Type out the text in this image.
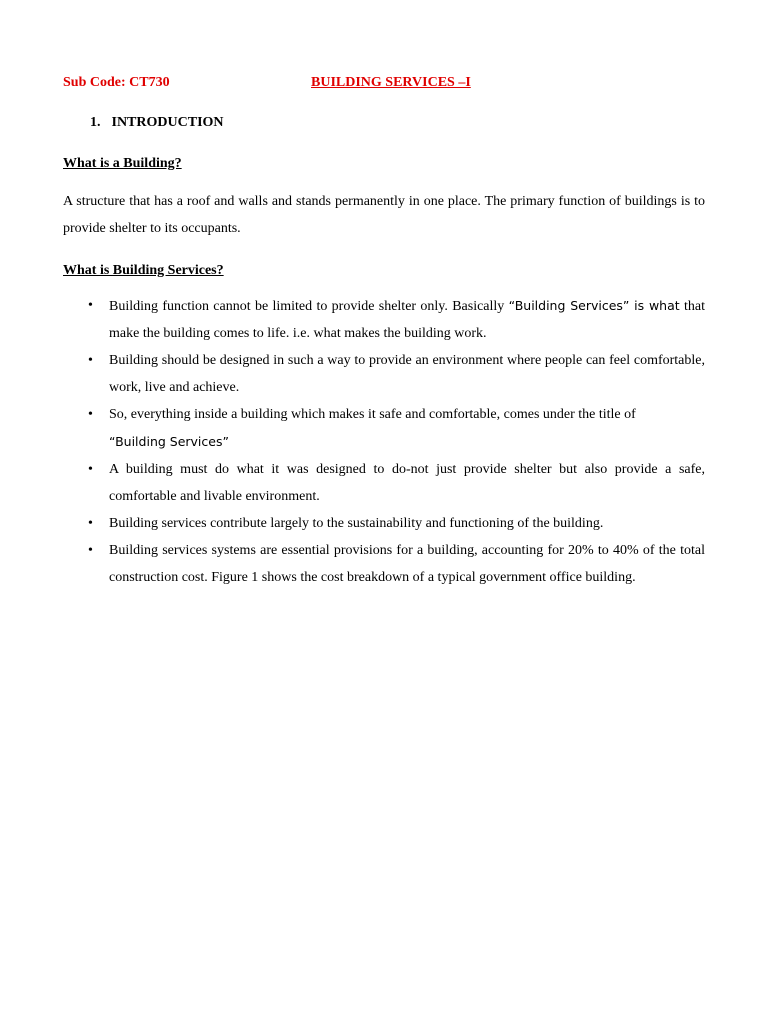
Sub Code: CT730	BUILDING SERVICES –I
1. INTRODUCTION
What is a Building?
A structure that has a roof and walls and stands permanently in one place. The primary function of buildings is to provide shelter to its occupants.
What is Building Services?
• Building function cannot be limited to provide shelter only. Basically “Building Services” is what that make the building comes to life. i.e. what makes the building work.
• Building should be designed in such a way to provide an environment where people can feel comfortable, work, live and achieve.
• So, everything inside a building which makes it safe and comfortable, comes under the title of
“Building Services”
• A building must do what it was designed to do-not just provide shelter but also provide a safe, comfortable and livable environment.
• Building services contribute largely to the sustainability and functioning of the building.
• Building services systems are essential provisions for a building, accounting for 20% to 40% of the total construction cost. Figure 1 shows the cost breakdown of a typical government office building.
